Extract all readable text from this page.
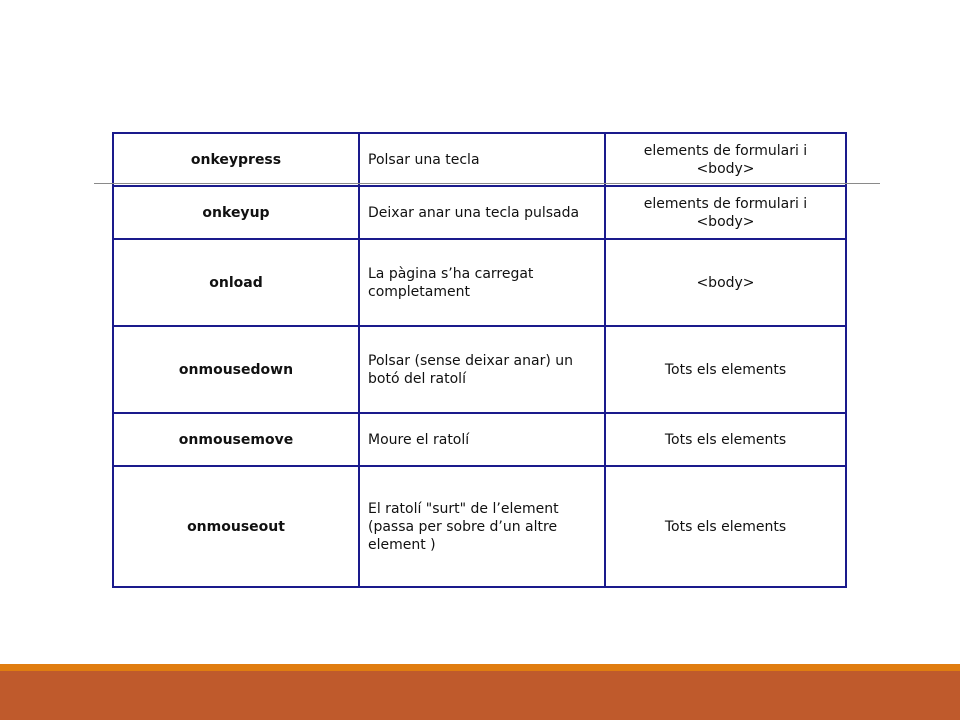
onkeypress	Polsar una tecla	elements de formulari i <body>
onkeyup	Deixar anar una tecla pulsada	elements de formulari i <body>
onload	La pàgina s’ha carregat completament	<body>
onmousedown	Polsar (sense deixar anar) un botó del ratolí	Tots els elements
onmousemove	Moure el ratolí	Tots els elements
onmouseout	El ratolí "surt" de l’element (passa per sobre d’un altre element )	Tots els elements
